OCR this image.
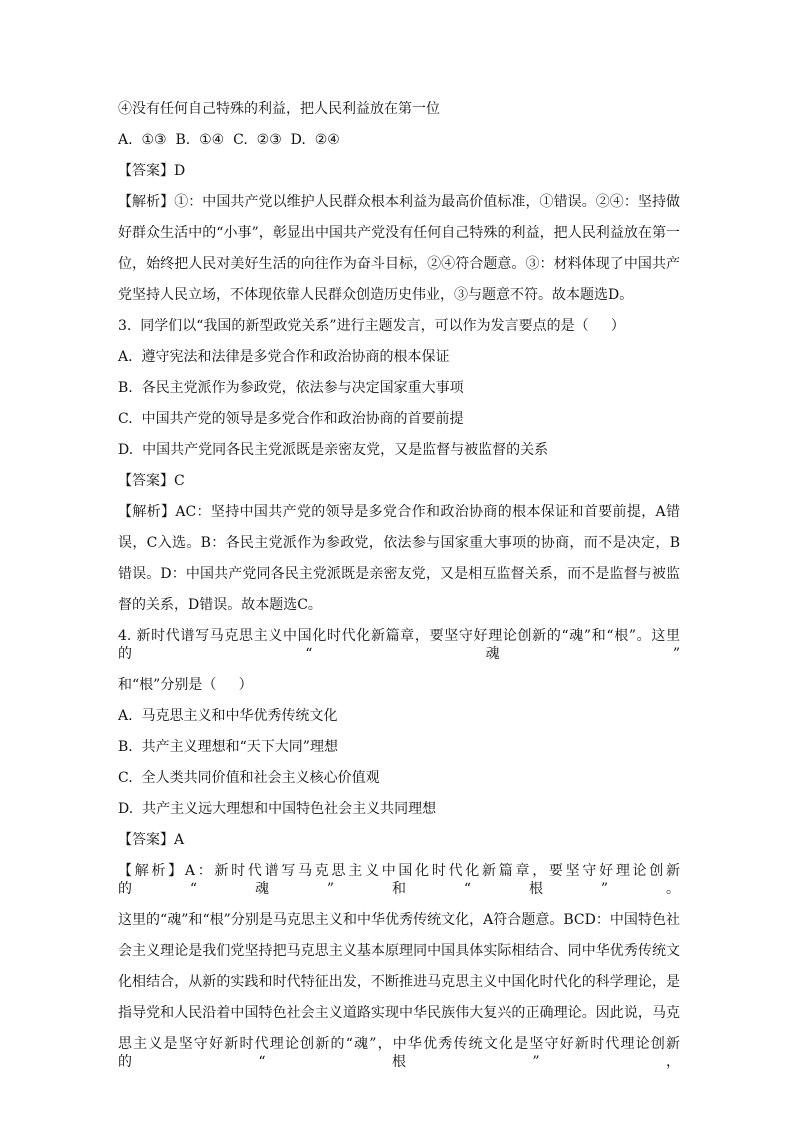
④没有任何自己特殊的利益，把人民利益放在第一位
A.  ①③  B.  ①④  C.  ②③  D.  ②④
【答案】D
【解析】①：中国共产党以维护人民群众根本利益为最高价值标准，①错误。②④：坚持做
好群众生活中的“小事”，彰显出中国共产党没有任何自己特殊的利益，把人民利益放在第一
位，始终把人民对美好生活的向往作为奋斗目标，②④符合题意。③：材料体现了中国共产
党坚持人民立场，不体现依靠人民群众创造历史伟业，③与题意不符。故本题选D。
3.  同学们以“我国的新型政党关系”进行主题发言，可以作为发言要点的是（     ）
A.  遵守宪法和法律是多党合作和政治协商的根本保证
B.  各民主党派作为参政党，依法参与决定国家重大事项
C.  中国共产党的领导是多党合作和政治协商的首要前提
D.  中国共产党同各民主党派既是亲密友党，又是监督与被监督的关系
【答案】C
【解析】AC：坚持中国共产党的领导是多党合作和政治协商的根本保证和首要前提，A错
误，C入选。B：各民主党派作为参政党，依法参与国家重大事项的协商，而不是决定，B
错误。D：中国共产党同各民主党派既是亲密友党，又是相互监督关系，而不是监督与被监
督的关系，D错误。故本题选C。
4. 新时代谱写马克思主义中国化时代化新篇章，要坚守好理论创新的“魂”和“根”。这里的“魂”
和“根”分别是（     ）
A.  马克思主义和中华优秀传统文化
B.  共产主义理想和“天下大同”理想
C.  全人类共同价值和社会主义核心价值观
D.  共产主义远大理想和中国特色社会主义共同理想
【答案】A
【解析】A：新时代谱写马克思主义中国化时代化新篇章，要坚守好理论创新的“魂”和“根”。
这里的“魂”和“根”分别是马克思主义和中华优秀传统文化，A符合题意。BCD：中国特色社
会主义理论是我们党坚持把马克思主义基本原理同中国具体实际相结合、同中华优秀传统文
化相结合，从新的实践和时代特征出发，不断推进马克思主义中国化时代化的科学理论，是
指导党和人民沿着中国特色社会主义道路实现中华民族伟大复兴的正确理论。因此说，马克
思主义是坚守好新时代理论创新的“魂”，中华优秀传统文化是坚守好新时代理论创新的“根”，
